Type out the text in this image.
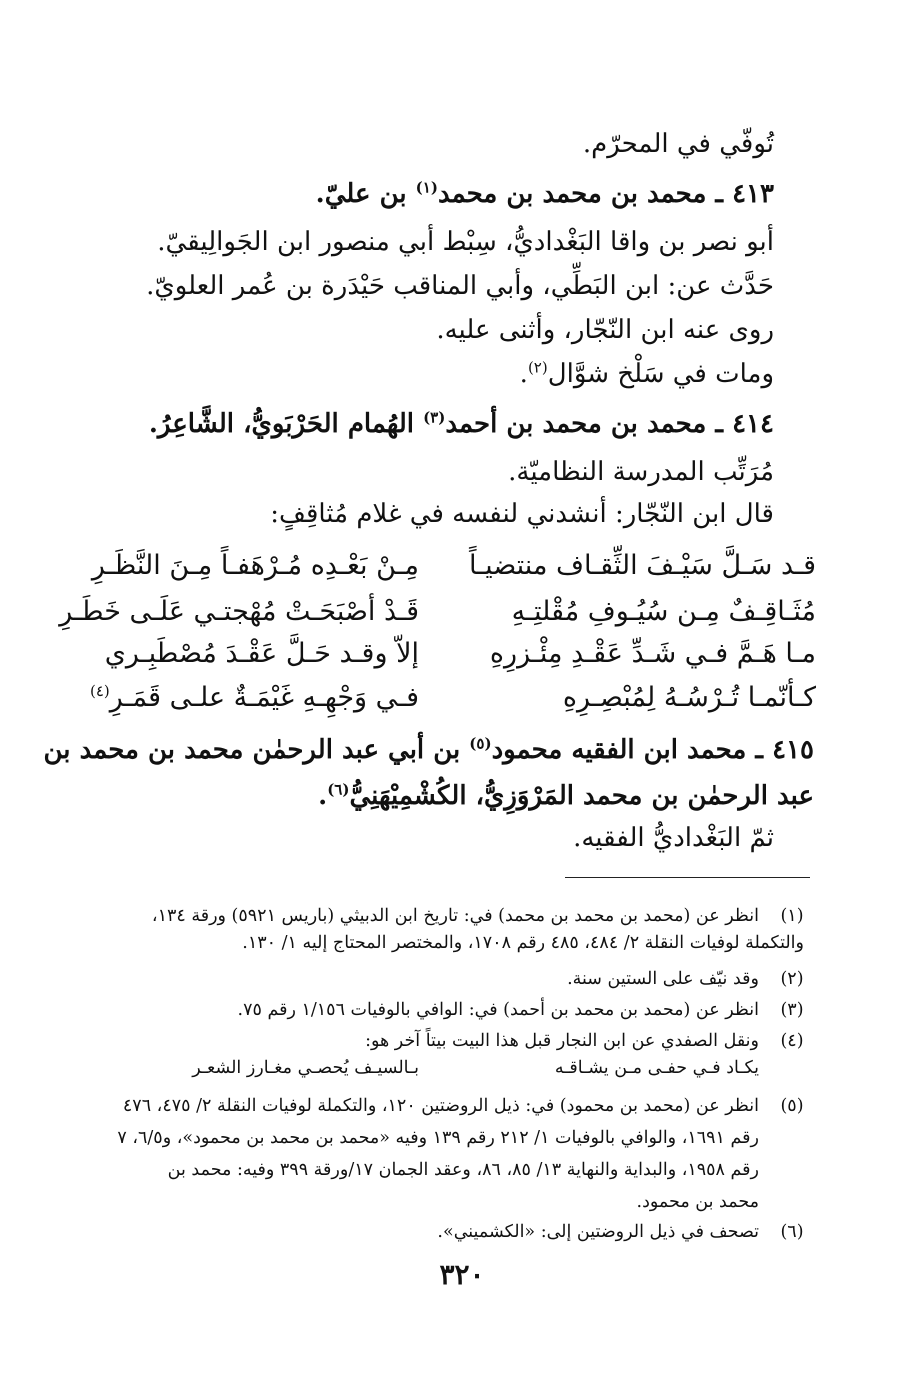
تُوفّي في المحرّم.
٤١٣ ـ محمد بن محمد بن محمد$^{(١)}$ بن عليّ.
أبو نصر بن واقا البَغْداديُّ، سِبْط أبي منصور ابن الجَوالِيقيّ.
حَدَّث عن: ابن البَطِّي، وأبي المناقب حَيْدَرة بن عُمر العلويّ.
روى عنه ابن النّجّار، وأثنى عليه.
ومات في سَلْخ شوَّال$^{(٢)}$.
٤١٤ ـ محمد بن محمد بن أحمد$^{(٣)}$ الهُمام الحَرْبَويُّ، الشَّاعِرُ.
مُرَتِّب المدرسة النظاميّة.
قال ابن النّجّار: أنشدني لنفسه في غلام مُثاقِفٍ:
قـد سَـلَّ سَيْـفَ الثِّقـاف منتضيـاً
مِـنْ بَعْـدِه مُـرْهَفـاً مِـنَ النَّظَـرِ
مُثَـاقِـفٌ مِـن سُيُـوفِ مُقْلتِـهِ
قَـدْ أصْبَحَـتْ مُهْجتـي عَلَـى خَطَـرِ
مـا هَـمَّ فـي شَـدِّ عَقْـدِ مِئْـزرِهِ
إلاّ وقـد حَـلَّ عَقْـدَ مُصْطَبِـري
كـأنّمـا تُـرْسُـهُ لِمُبْصِـرِهِ
فـي وَجْهِـهِ غَيْمَـةٌ علـى قَمَـرِ$^{(٤)}$
٤١٥ ـ محمد ابن الفقيه محمود$^{(٥)}$ بن أبي عبد الرحمٰن محمد بن محمد بن
عبد الرحمٰن بن محمد المَرْوَزِيُّ، الكُشْمِيْهَنِيُّ$^{(٦)}$.
ثمّ البَغْداديُّ الفقيه.
(١)
انظر عن (محمد بن محمد بن محمد) في: تاريخ ابن الدبيثي (باريس ٥٩٢١) ورقة ١٣٤،
والتكملة لوفيات النقلة ٢/ ٤٨٤، ٤٨٥ رقم ١٧٠٨، والمختصر المحتاج إليه ١/ ١٣٠.
(٢)
وقد نيّف على الستين سنة.
(٣)
انظر عن (محمد بن محمد بن أحمد) في: الوافي بالوفيات ١/١٥٦ رقم ٧٥.
(٤)
ونقل الصفدي عن ابن النجار قبل هذا البيت بيتاً آخر هو:
يكـاد فـي حفـى مـن يشـاقـه
بـالسيـف يُحصـي مغـارز الشعـر
(٥)
انظر عن (محمد بن محمود) في: ذيل الروضتين ١٢٠، والتكملة لوفيات النقلة ٢/ ٤٧٥، ٤٧٦
رقم ١٦٩١، والوافي بالوفيات ١/ ٢١٢ رقم ١٣٩ وفيه «محمد بن محمد بن محمود»، و٦/٥، ٧
رقم ١٩٥٨، والبداية والنهاية ١٣/ ٨٥، ٨٦، وعقد الجمان ١٧/ورقة ٣٩٩ وفيه: محمد بن
محمد بن محمود.
(٦)
تصحف في ذيل الروضتين إلى: «الكشميني».
٣٢٠
